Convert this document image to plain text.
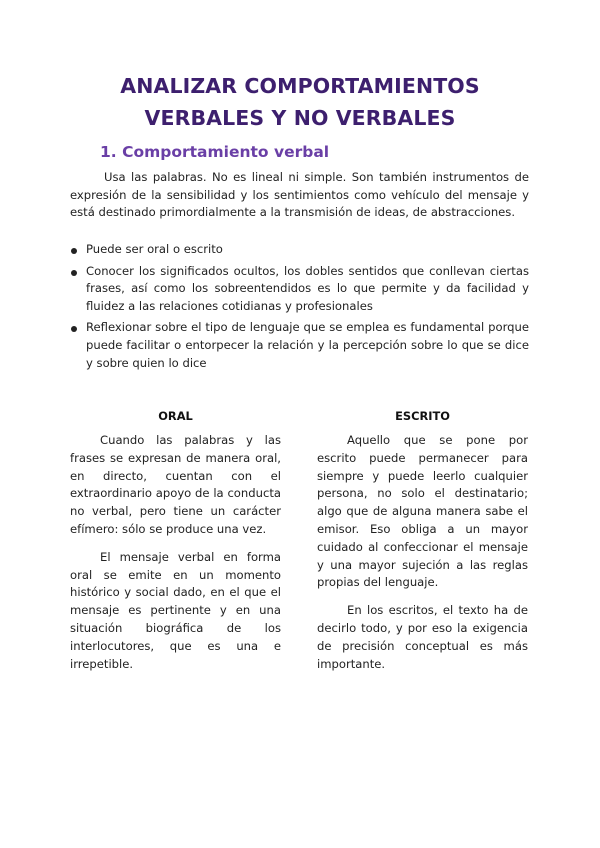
ANALIZAR COMPORTAMIENTOS
VERBALES Y NO VERBALES
1. Comportamiento verbal

Usa las palabras. No es lineal ni simple. Son también instrumentos de expresión de la sensibilidad y los sentimientos como vehículo del mensaje y está destinado primordialmente a la transmisión de ideas, de abstracciones.

Puede ser oral o escrito
Conocer los significados ocultos, los dobles sentidos que conllevan ciertas frases, así como los sobreentendidos es lo que permite y da facilidad y fluidez a las relaciones cotidianas y profesionales
Reflexionar sobre el tipo de lenguaje que se emplea es fundamental porque puede facilitar o entorpecer la relación y la percepción sobre lo que se dice y sobre quien lo dice
ORAL

Cuando las palabras y las frases se expresan de manera oral, en directo, cuentan con el extraordinario apoyo de la conducta no verbal, pero tiene un carácter efímero: sólo se produce una vez.

El mensaje verbal en forma oral se emite en un momento histórico y social dado, en el que el mensaje es pertinente y en una situación biográfica de los interlocutores, que es una e irrepetible.

ESCRITO

Aquello que se pone por escrito puede permanecer para siempre y puede leerlo cualquier persona, no solo el destinatario; algo que de alguna manera sabe el emisor. Eso obliga a un mayor cuidado al confeccionar el mensaje y una mayor sujeción a las reglas propias del lenguaje.

En los escritos, el texto ha de decirlo todo, y por eso la exigencia de precisión conceptual es más importante.
